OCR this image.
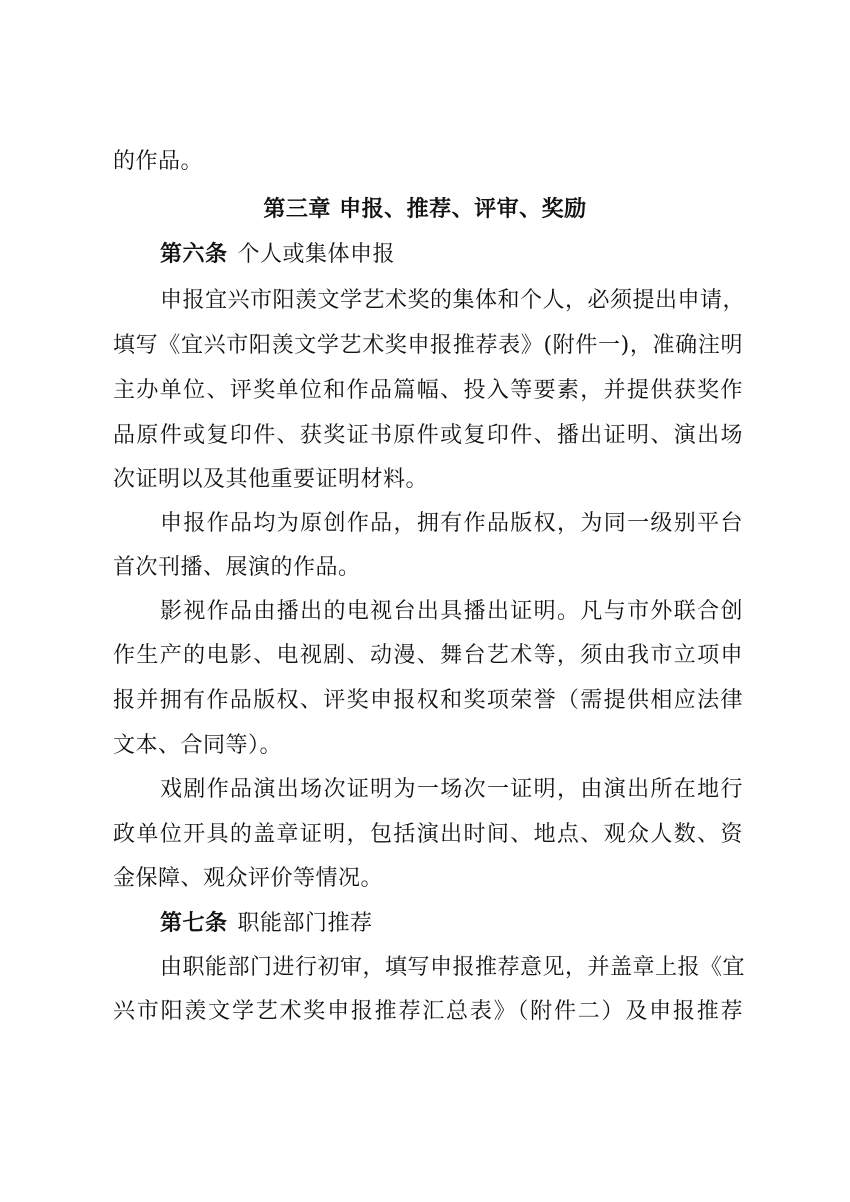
的作品。
第三章 申报、推荐、评审、奖励
第六条 个人或集体申报
申报宜兴市阳羡文学艺术奖的集体和个人，必须提出申请，
填写《宜兴市阳羡文学艺术奖申报推荐表》(附件一)，准确注明
主办单位、评奖单位和作品篇幅、投入等要素，并提供获奖作
品原件或复印件、获奖证书原件或复印件、播出证明、演出场
次证明以及其他重要证明材料。
申报作品均为原创作品，拥有作品版权，为同一级别平台
首次刊播、展演的作品。
影视作品由播出的电视台出具播出证明。凡与市外联合创
作生产的电影、电视剧、动漫、舞台艺术等，须由我市立项申
报并拥有作品版权、评奖申报权和奖项荣誉（需提供相应法律
文本、合同等）。
戏剧作品演出场次证明为一场次一证明，由演出所在地行
政单位开具的盖章证明，包括演出时间、地点、观众人数、资
金保障、观众评价等情况。
第七条 职能部门推荐
由职能部门进行初审，填写申报推荐意见，并盖章上报《宜
兴市阳羡文学艺术奖申报推荐汇总表》（附件二）及申报推荐
